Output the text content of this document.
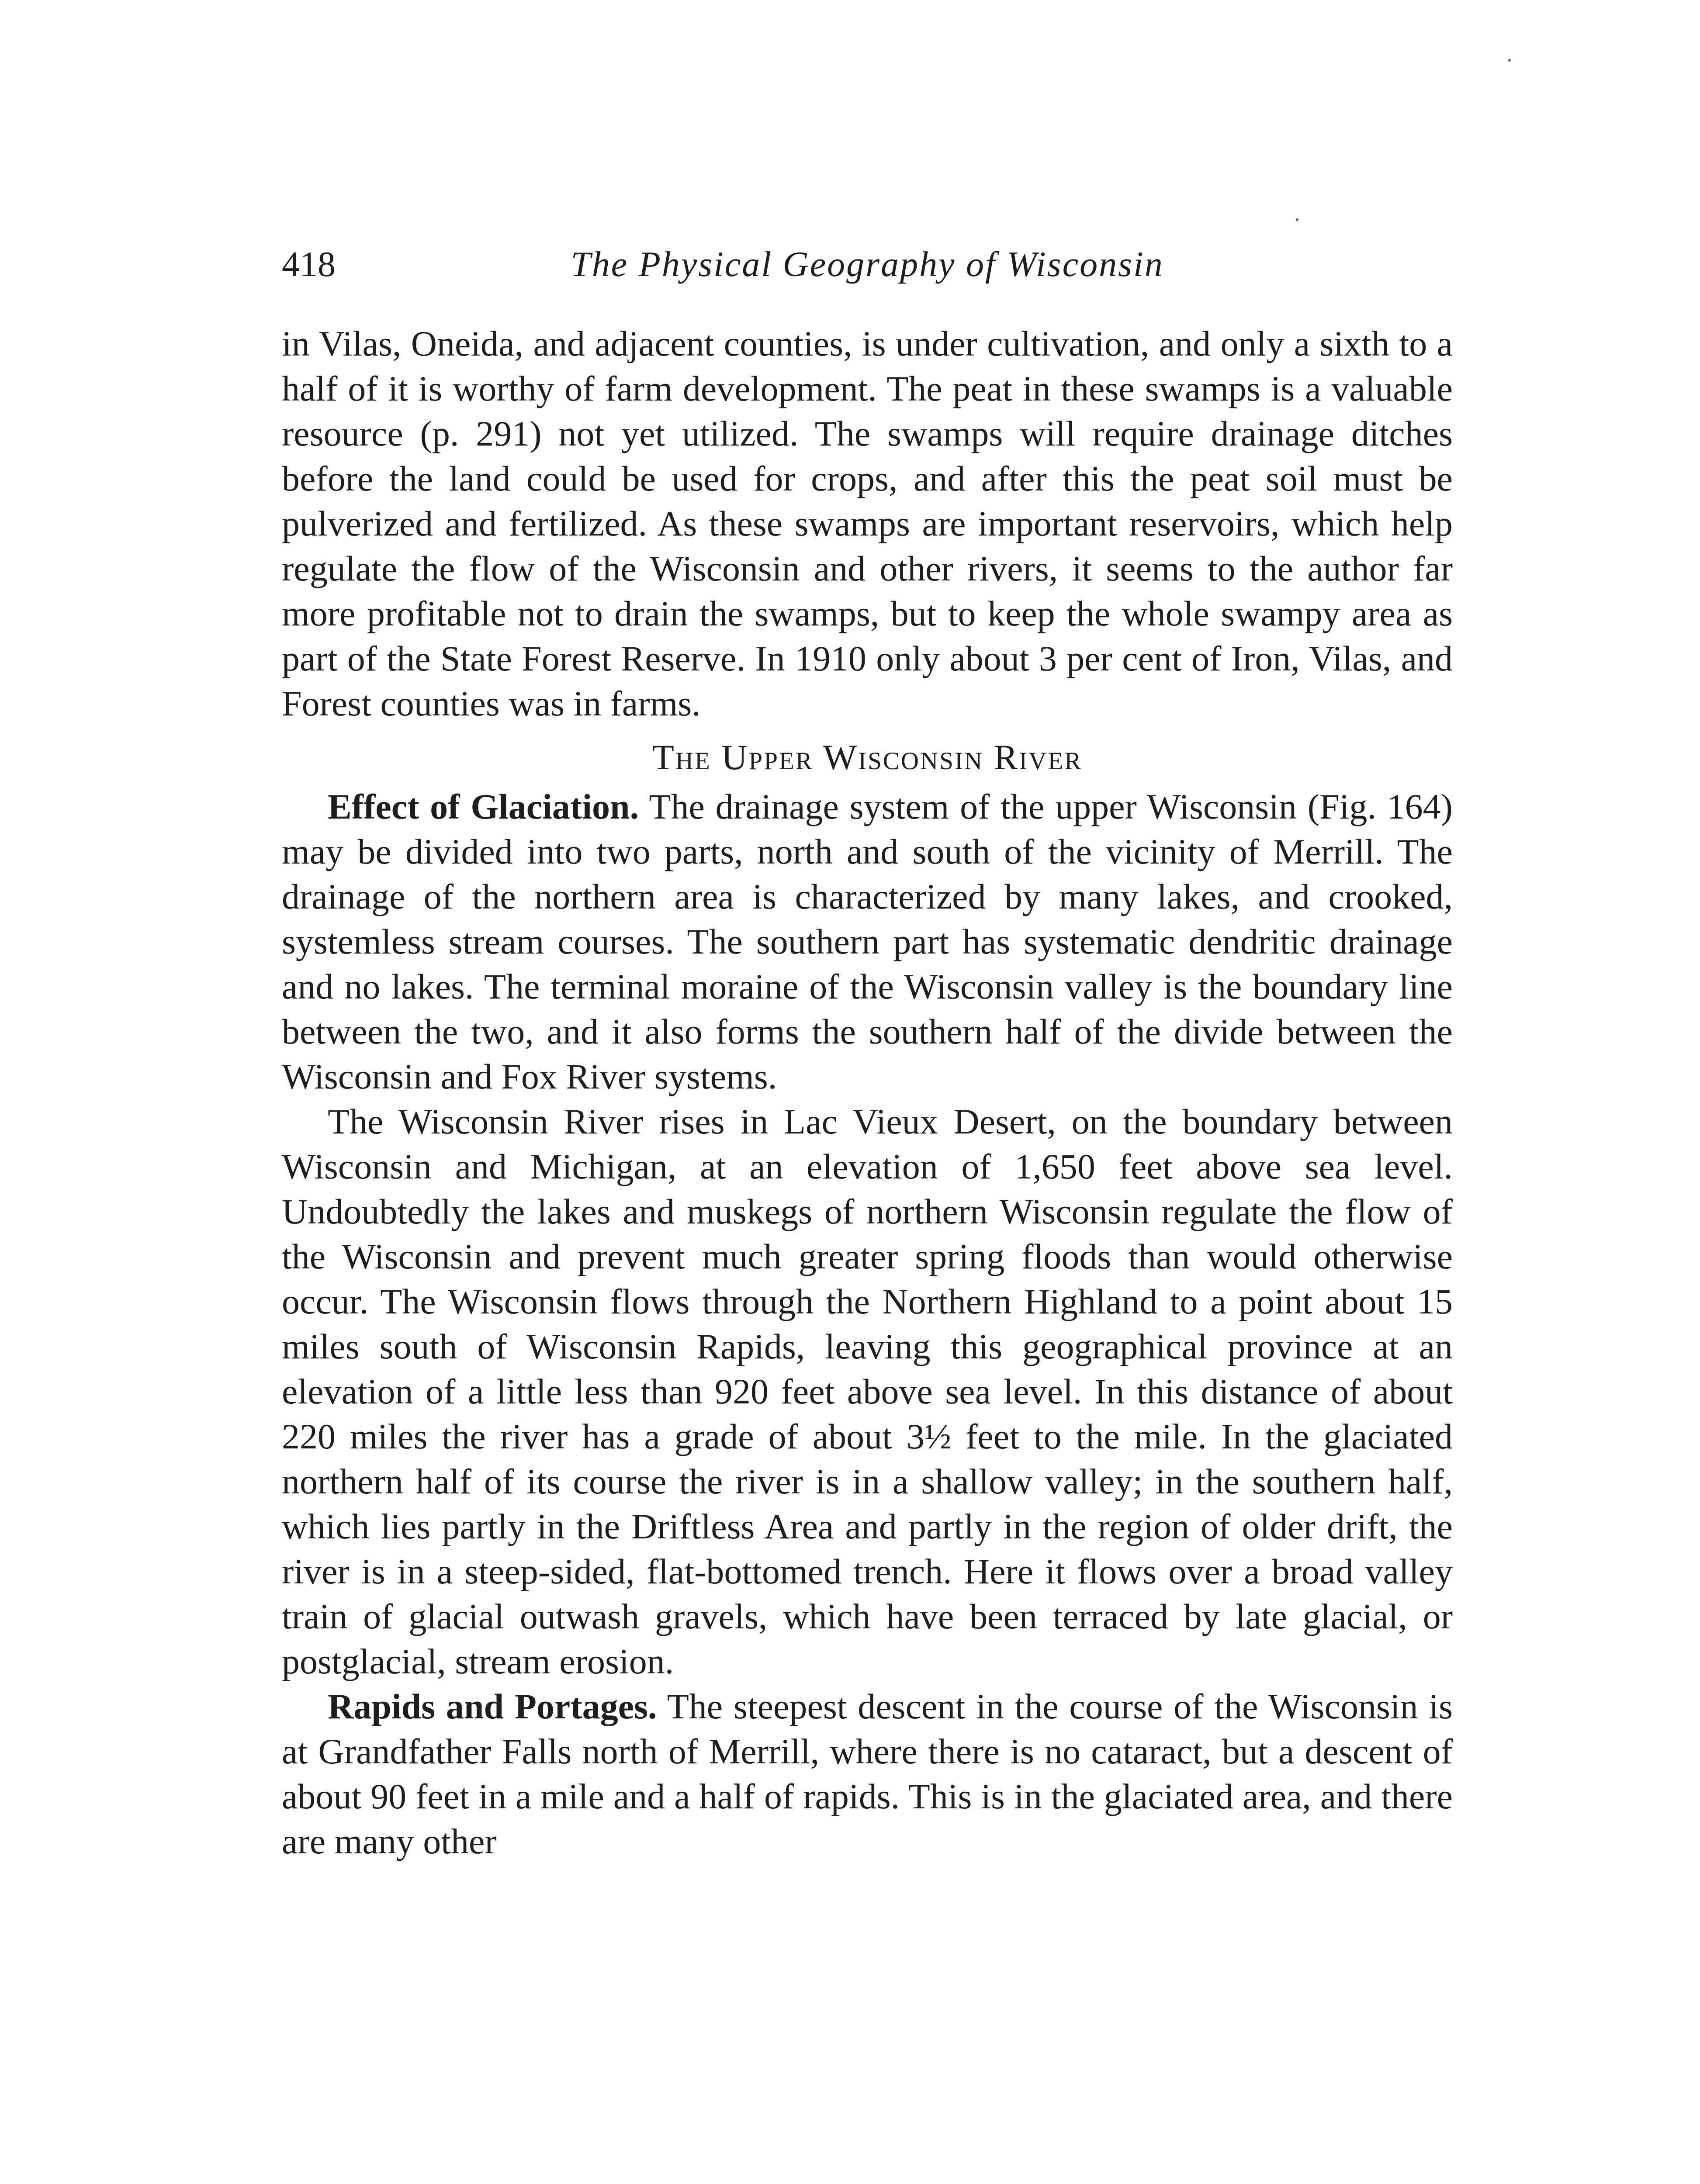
418	The Physical Geography of Wisconsin

in Vilas, Oneida, and adjacent counties, is under cultivation, and only a sixth to a half of it is worthy of farm development. The peat in these swamps is a valuable resource (p. 291) not yet utilized. The swamps will require drainage ditches before the land could be used for crops, and after this the peat soil must be pulverized and fertilized. As these swamps are important reservoirs, which help regulate the flow of the Wisconsin and other rivers, it seems to the author far more profitable not to drain the swamps, but to keep the whole swampy area as part of the State Forest Reserve. In 1910 only about 3 per cent of Iron, Vilas, and Forest counties was in farms.

The Upper Wisconsin River

Effect of Glaciation. The drainage system of the upper Wisconsin (Fig. 164) may be divided into two parts, north and south of the vicinity of Merrill. The drainage of the northern area is characterized by many lakes, and crooked, systemless stream courses. The southern part has systematic dendritic drainage and no lakes. The terminal moraine of the Wisconsin valley is the boundary line between the two, and it also forms the southern half of the divide between the Wisconsin and Fox River systems.

The Wisconsin River rises in Lac Vieux Desert, on the boundary between Wisconsin and Michigan, at an elevation of 1,650 feet above sea level. Undoubtedly the lakes and muskegs of northern Wisconsin regulate the flow of the Wisconsin and prevent much greater spring floods than would otherwise occur. The Wisconsin flows through the Northern Highland to a point about 15 miles south of Wisconsin Rapids, leaving this geographical province at an elevation of a little less than 920 feet above sea level. In this distance of about 220 miles the river has a grade of about 3½ feet to the mile. In the glaciated northern half of its course the river is in a shallow valley; in the southern half, which lies partly in the Driftless Area and partly in the region of older drift, the river is in a steep-sided, flat-bottomed trench. Here it flows over a broad valley train of glacial outwash gravels, which have been terraced by late glacial, or postglacial, stream erosion.

Rapids and Portages. The steepest descent in the course of the Wisconsin is at Grandfather Falls north of Merrill, where there is no cataract, but a descent of about 90 feet in a mile and a half of rapids. This is in the glaciated area, and there are many other
